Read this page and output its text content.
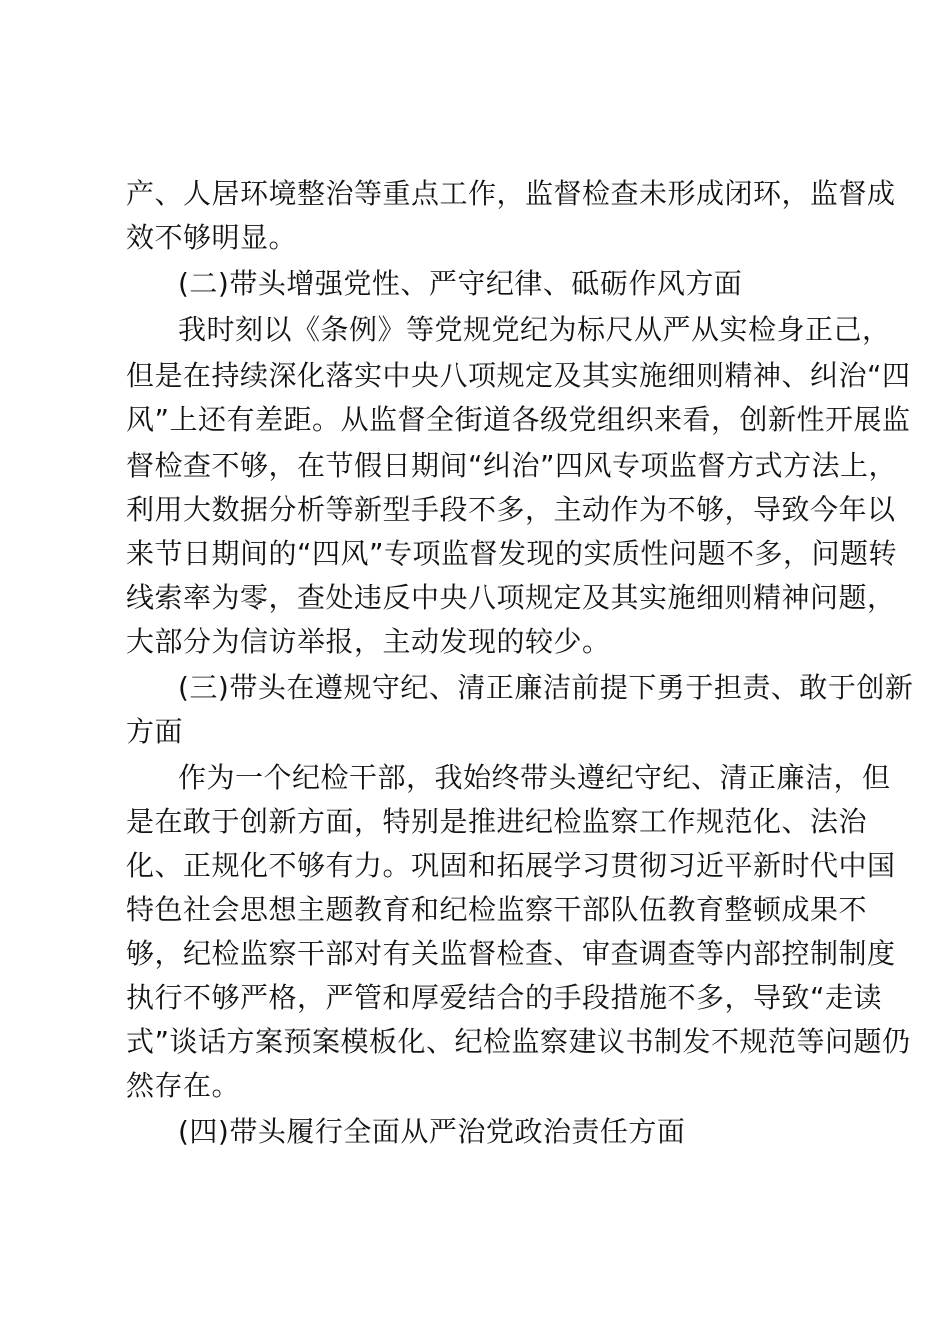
产、人居环境整治等重点工作，监督检查未形成闭环，监督成
效不够明显。
(二)带头增强党性、严守纪律、砥砺作风方面
我时刻以《条例》等党规党纪为标尺从严从实检身正己，
但是在持续深化落实中央八项规定及其实施细则精神、纠治“四
风”上还有差距。从监督全街道各级党组织来看，创新性开展监
督检查不够，在节假日期间“纠治”四风专项监督方式方法上，
利用大数据分析等新型手段不多，主动作为不够，导致今年以
来节日期间的“四风”专项监督发现的实质性问题不多，问题转
线索率为零，查处违反中央八项规定及其实施细则精神问题，
大部分为信访举报，主动发现的较少。
(三)带头在遵规守纪、清正廉洁前提下勇于担责、敢于创新
方面
作为一个纪检干部，我始终带头遵纪守纪、清正廉洁，但
是在敢于创新方面，特别是推进纪检监察工作规范化、法治
化、正规化不够有力。巩固和拓展学习贯彻习近平新时代中国
特色社会思想主题教育和纪检监察干部队伍教育整顿成果不
够，纪检监察干部对有关监督检查、审查调查等内部控制制度
执行不够严格，严管和厚爱结合的手段措施不多，导致“走读
式”谈话方案预案模板化、纪检监察建议书制发不规范等问题仍
然存在。
(四)带头履行全面从严治党政治责任方面
